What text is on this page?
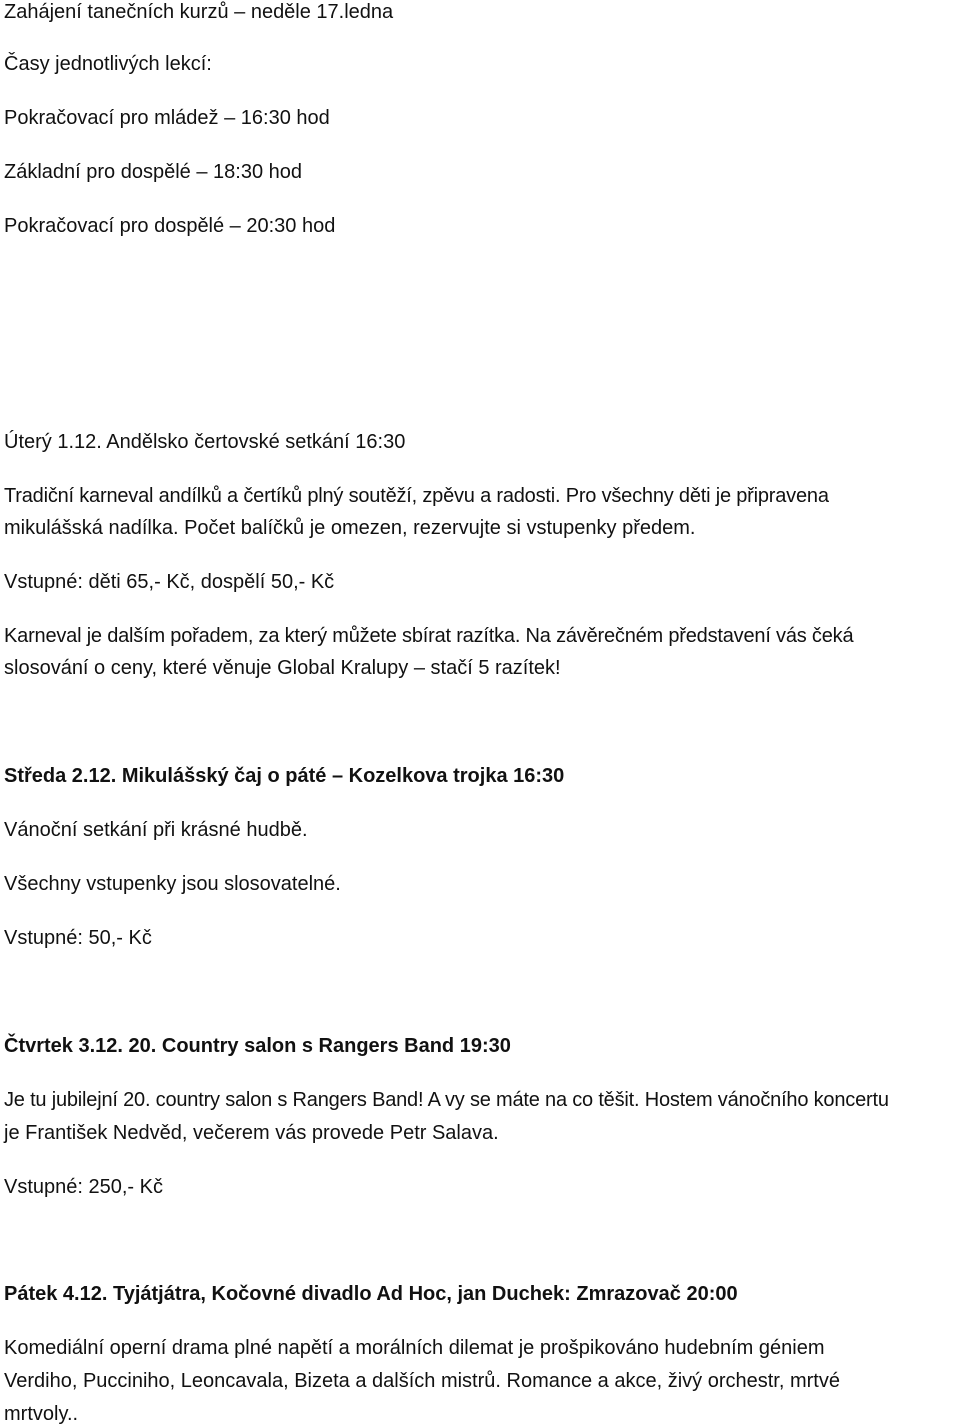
Zahájení tanečních kurzů – neděle 17.ledna
Časy jednotlivých lekcí:
Pokračovací pro mládež – 16:30 hod
Základní pro dospělé – 18:30 hod
Pokračovací pro dospělé – 20:30 hod
Úterý 1.12. Andělsko čertovské setkání 16:30
Tradiční karneval andílků a čertíků plný soutěží, zpěvu a radosti. Pro všechny děti je připravena
mikulášská nadílka. Počet balíčků je omezen, rezervujte si vstupenky předem.
Vstupné: děti 65,- Kč, dospělí 50,- Kč
Karneval je dalším pořadem, za který můžete sbírat razítka. Na závěrečném představení vás čeká
slosování o ceny, které věnuje Global Kralupy – stačí 5 razítek!
Středa 2.12. Mikulášský čaj o páté – Kozelkova trojka 16:30
Vánoční setkání při krásné hudbě.
Všechny vstupenky jsou slosovatelné.
Vstupné: 50,- Kč
Čtvrtek 3.12. 20. Country salon s Rangers Band 19:30
Je tu jubilejní 20. country salon s Rangers Band! A vy se máte na co těšit. Hostem vánočního koncertu
je František Nedvěd, večerem vás provede Petr Salava.
Vstupné: 250,- Kč
Pátek 4.12. Tyjátjátra, Kočovné divadlo Ad Hoc, jan Duchek: Zmrazovač 20:00
Komediální operní drama plné napětí a morálních dilemat je prošpikováno hudebním géniem
Verdiho, Pucciniho, Leoncavala, Bizeta a dalších mistrů. Romance a akce, živý orchestr, mrtvé
mrtvoly..
